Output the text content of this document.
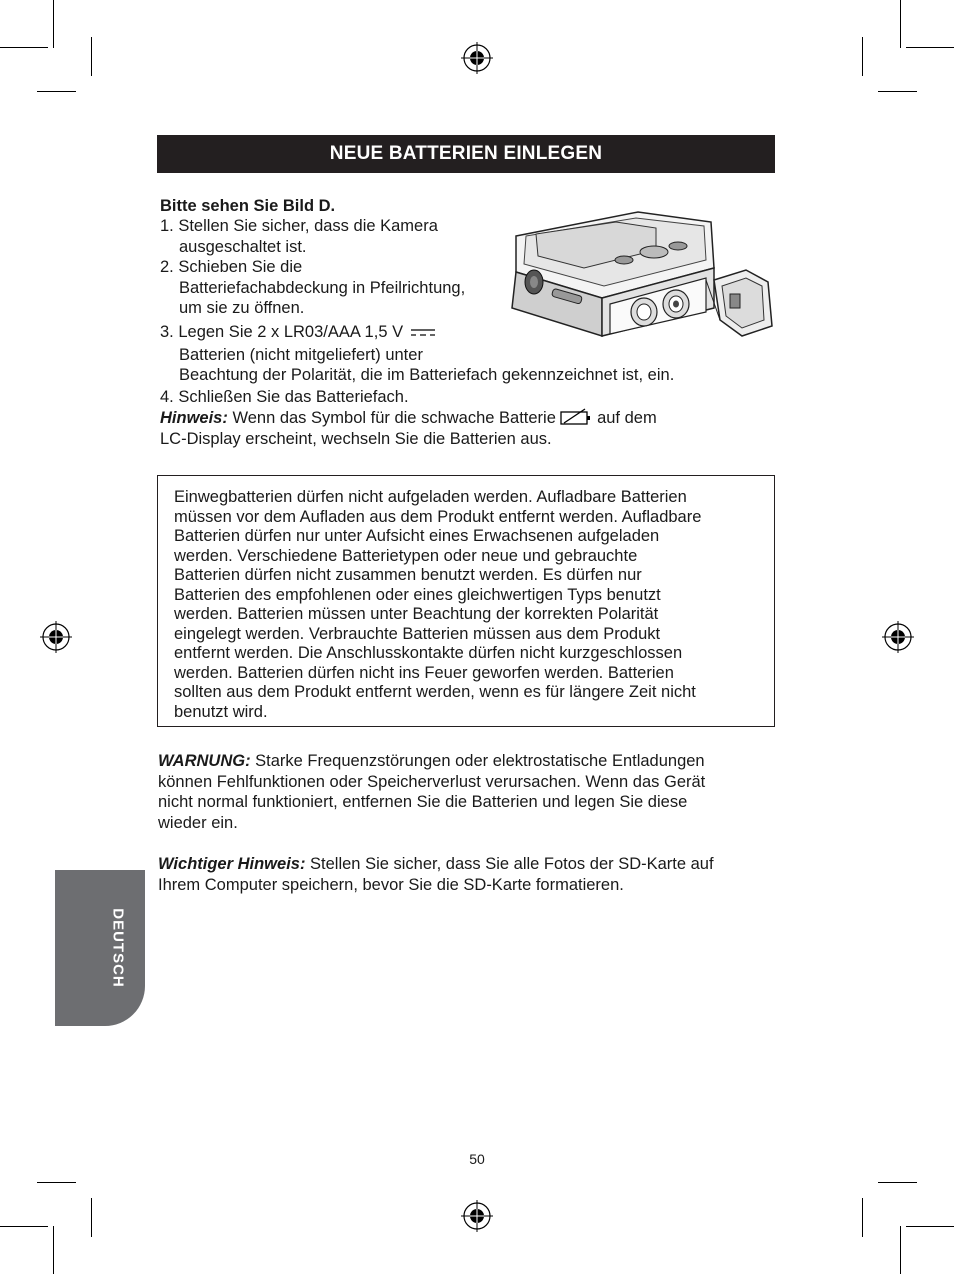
NEUE BATTERIEN EINLEGEN
Bitte sehen Sie Bild D.
1. Stellen Sie sicher, dass die Kamera
ausgeschaltet ist.
2. Schieben Sie die
Batteriefachabdeckung in Pfeilrichtung,
um sie zu öffnen.
3. Legen Sie 2 x LR03/AAA 1,5 V
Batterien (nicht mitgeliefert) unter
Beachtung der Polarität, die im Batteriefach gekennzeichnet ist, ein.
4. Schließen Sie das Batteriefach.
Hinweis: Wenn das Symbol für die schwache Batterie  auf dem
LC-Display erscheint, wechseln Sie die Batterien aus.
Einwegbatterien dürfen nicht aufgeladen werden. Aufladbare Batterien
müssen vor dem Aufladen aus dem Produkt entfernt werden. Aufladbare
Batterien dürfen nur unter Aufsicht eines Erwachsenen aufgeladen
werden. Verschiedene Batterietypen oder neue und gebrauchte
Batterien dürfen nicht zusammen benutzt werden. Es dürfen nur
Batterien des empfohlenen oder eines gleichwertigen Typs benutzt
werden. Batterien müssen unter Beachtung der korrekten Polarität
eingelegt werden. Verbrauchte Batterien müssen aus dem Produkt
entfernt werden. Die Anschlusskontakte dürfen nicht kurzgeschlossen
werden. Batterien dürfen nicht ins Feuer geworfen werden. Batterien
sollten aus dem Produkt entfernt werden, wenn es für längere Zeit nicht
benutzt wird.
WARNUNG: Starke Frequenzstörungen oder elektrostatische Entladungen
können Fehlfunktionen oder Speicherverlust verursachen. Wenn das Gerät
nicht normal funktioniert, entfernen Sie die Batterien und legen Sie diese
wieder ein.
Wichtiger Hinweis: Stellen Sie sicher, dass Sie alle Fotos der SD-Karte auf
Ihrem Computer speichern, bevor Sie die SD-Karte formatieren.
DEUTSCH
50
